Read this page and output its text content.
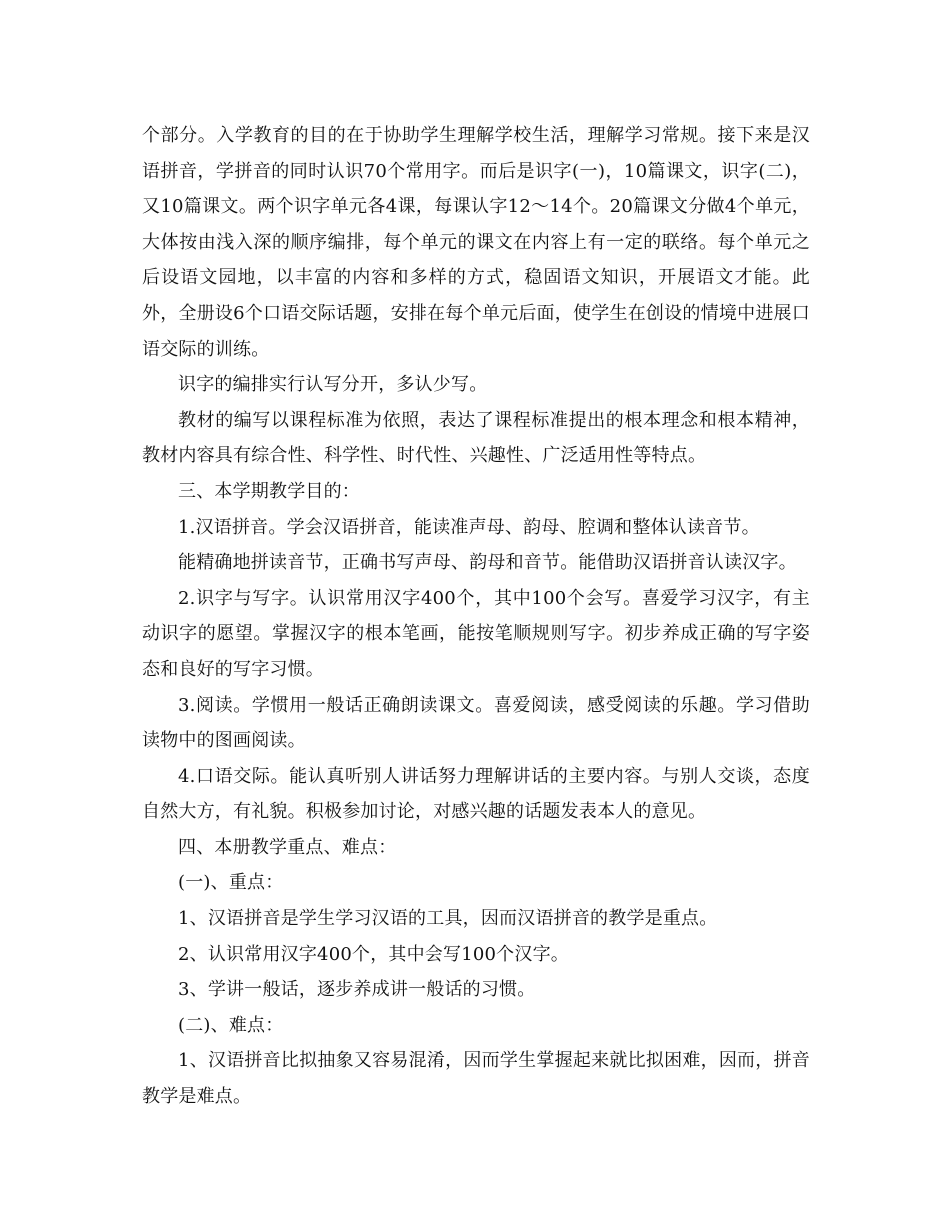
个部分。入学教育的目的在于协助学生理解学校生活，理解学习常规。接下来是汉语拼音，学拼音的同时认识70个常用字。而后是识字(一)，10篇课文，识字(二)，又10篇课文。两个识字单元各4课，每课认字12～14个。20篇课文分做4个单元，大体按由浅入深的顺序编排，每个单元的课文在内容上有一定的联络。每个单元之后设语文园地，以丰富的内容和多样的方式，稳固语文知识，开展语文才能。此外，全册设6个口语交际话题，安排在每个单元后面，使学生在创设的情境中进展口语交际的训练。

识字的编排实行认写分开，多认少写。

教材的编写以课程标准为依照，表达了课程标准提出的根本理念和根本精神，教材内容具有综合性、科学性、时代性、兴趣性、广泛适用性等特点。

三、本学期教学目的：

1.汉语拼音。学会汉语拼音，能读准声母、韵母、腔调和整体认读音节。

能精确地拼读音节，正确书写声母、韵母和音节。能借助汉语拼音认读汉字。

2.识字与写字。认识常用汉字400个，其中100个会写。喜爱学习汉字，有主动识字的愿望。掌握汉字的根本笔画，能按笔顺规则写字。初步养成正确的写字姿态和良好的写字习惯。

3.阅读。学惯用一般话正确朗读课文。喜爱阅读，感受阅读的乐趣。学习借助读物中的图画阅读。

4.口语交际。能认真听别人讲话努力理解讲话的主要内容。与别人交谈，态度自然大方，有礼貌。积极参加讨论，对感兴趣的话题发表本人的意见。

四、本册教学重点、难点：

(一)、重点：

1、汉语拼音是学生学习汉语的工具，因而汉语拼音的教学是重点。

2、认识常用汉字400个，其中会写100个汉字。

3、学讲一般话，逐步养成讲一般话的习惯。

(二)、难点：

1、汉语拼音比拟抽象又容易混淆，因而学生掌握起来就比拟困难，因而，拼音教学是难点。
